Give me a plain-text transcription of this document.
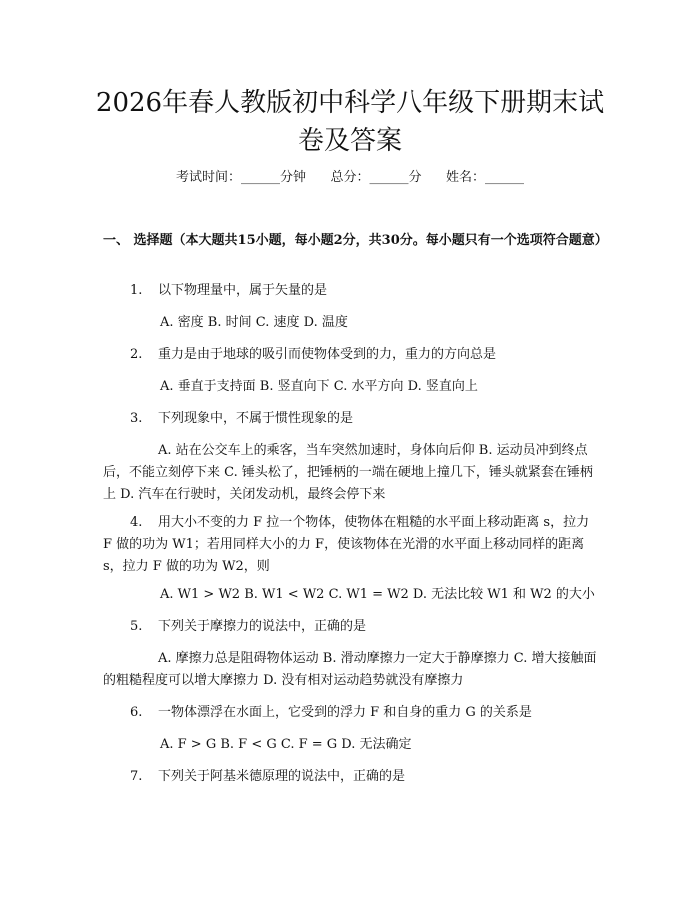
2026年春人教版初中科学八年级下册期末试卷及答案
考试时间：______分钟    总分：______分    姓名：______
一、 选择题（本大题共15小题，每小题2分，共30分。每小题只有一个选项符合题意）
1. 以下物理量中，属于矢量的是
A. 密度 B. 时间 C. 速度 D. 温度
2. 重力是由于地球的吸引而使物体受到的力，重力的方向总是
A. 垂直于支持面 B. 竖直向下 C. 水平方向 D. 竖直向上
3. 下列现象中，不属于惯性现象的是
A. 站在公交车上的乘客，当车突然加速时，身体向后仰 B. 运动员冲到终点后，不能立刻停下来 C. 锤头松了，把锤柄的一端在硬地上撞几下，锤头就紧套在锤柄上 D. 汽车在行驶时，关闭发动机，最终会停下来
4. 用大小不变的力 F 拉一个物体，使物体在粗糙的水平面上移动距离 s，拉力 F 做的功为 W1；若用同样大小的力 F，使该物体在光滑的水平面上移动同样的距离 s，拉力 F 做的功为 W2，则
A. W1 > W2 B. W1 < W2 C. W1 = W2 D. 无法比较 W1 和 W2 的大小
5. 下列关于摩擦力的说法中，正确的是
A. 摩擦力总是阻碍物体运动 B. 滑动摩擦力一定大于静摩擦力 C. 增大接触面的粗糙程度可以增大摩擦力 D. 没有相对运动趋势就没有摩擦力
6. 一物体漂浮在水面上，它受到的浮力 F 和自身的重力 G 的关系是
A. F > G B. F < G C. F = G D. 无法确定
7. 下列关于阿基米德原理的说法中，正确的是
